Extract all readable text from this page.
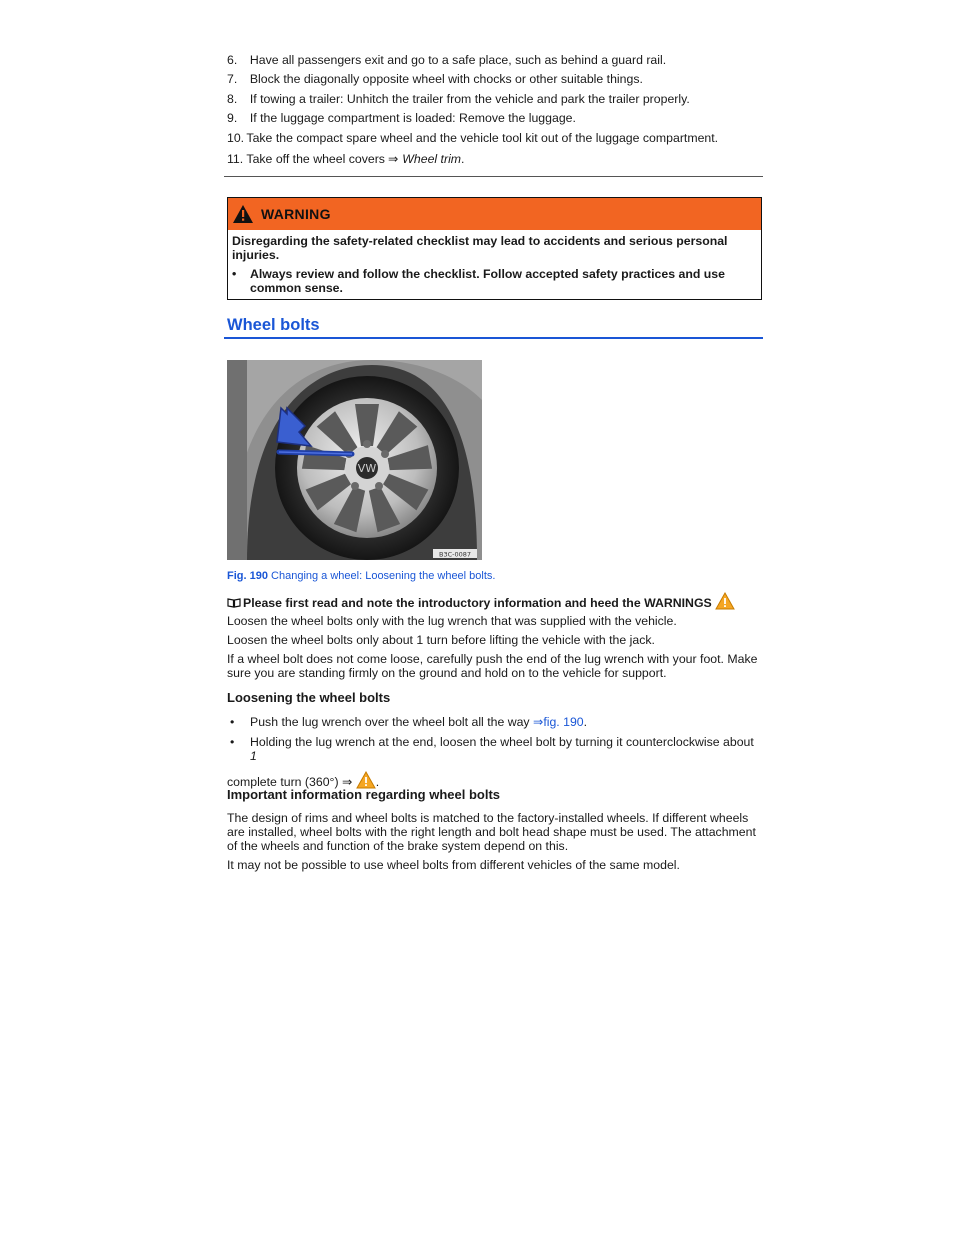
6.
	Have all passengers exit and go to a safe place, such as behind a guard rail.
7.
	Block the diagonally opposite wheel with chocks or other suitable things.
8.
	If towing a trailer: Unhitch the trailer from the vehicle and park the trailer properly.
9.
	If the luggage compartment is loaded: Remove the luggage.
10.
Take the compact spare wheel and the vehicle tool kit out of the luggage compartment.
11.
Take off the wheel covers ⇒ Wheel trim .
WARNING

Disregarding the safety-related checklist may lead to accidents and serious personal injuries.

•	Always review and follow the checklist. Follow accepted safety practices and use common sense.
Wheel bolts
VW
B3C-0087
Fig. 190 Changing a wheel: Loosening the wheel bolts.
Please first read and note the introductory information and heed the WARNINGS
Loosen the wheel bolts only with the lug wrench that was supplied with the vehicle.
Loosen the wheel bolts only about 1 turn before lifting the vehicle with the jack.
If a wheel bolt does not come loose, carefully push the end of the lug wrench with your foot. Make sure you are standing firmly on the ground and hold on to the vehicle for support.
Loosening the wheel bolts
•	Push the lug wrench over the wheel bolt all the way ⇒fig. 190.
•	Holding the lug wrench at the end, loosen the wheel bolt by turning it counterclockwise about 1
complete turn (360°) ⇒ .
Important information regarding wheel bolts
The design of rims and wheel bolts is matched to the factory-installed wheels. If different wheels are installed, wheel bolts with the right length and bolt head shape must be used. The attachment of the wheels and function of the brake system depend on this.
It may not be possible to use wheel bolts from different vehicles of the same model.
